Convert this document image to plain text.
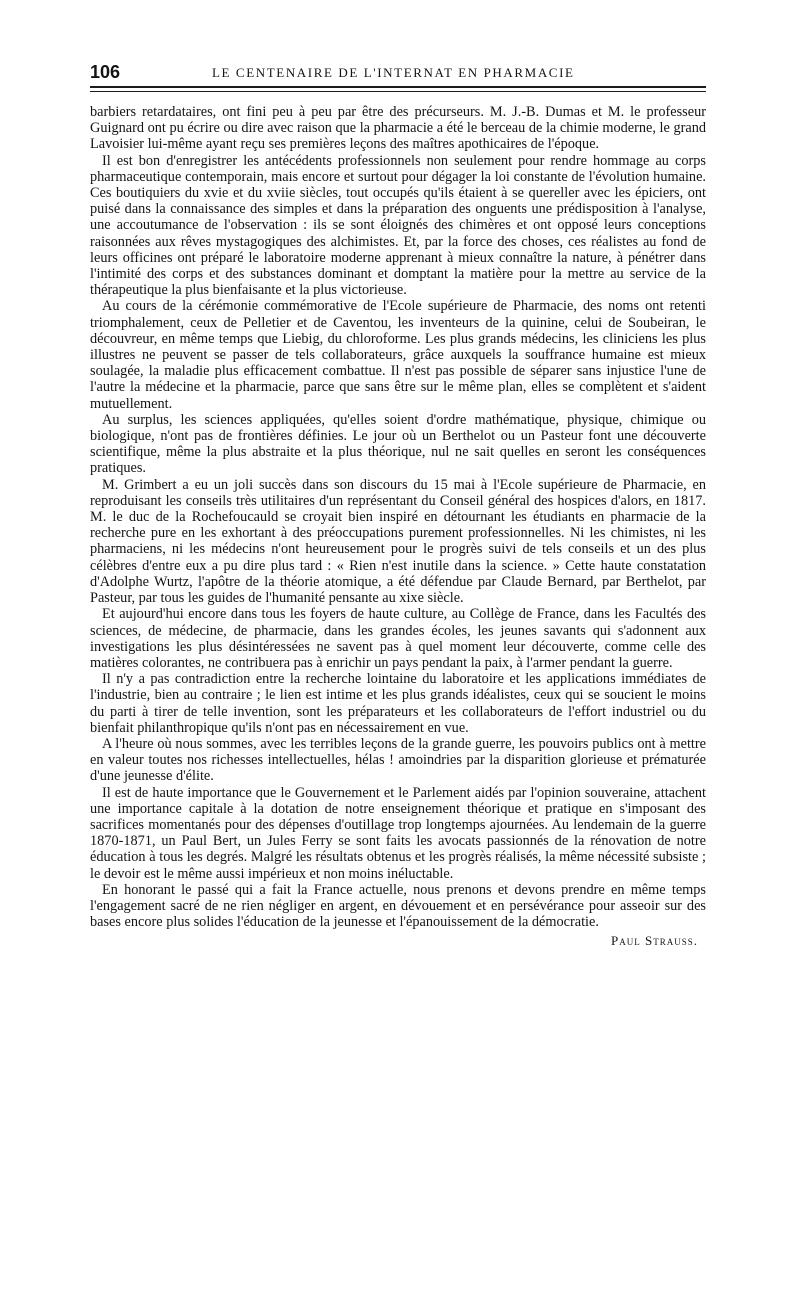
106	LE CENTENAIRE DE L'INTERNAT EN PHARMACIE

barbiers retardataires, ont fini peu à peu par être des précurseurs. M. J.-B. Dumas et M. le professeur Guignard ont pu écrire ou dire avec raison que la pharmacie a été le berceau de la chimie moderne, le grand Lavoisier lui-même ayant reçu ses premières leçons des maîtres apothicaires de l'époque.

Il est bon d'enregistrer les antécédents professionnels non seulement pour rendre hommage au corps pharmaceutique contemporain, mais encore et surtout pour dégager la loi constante de l'évolution humaine. Ces boutiquiers du xvie et du xviie siècles, tout occupés qu'ils étaient à se quereller avec les épiciers, ont puisé dans la connaissance des simples et dans la préparation des onguents une prédisposition à l'analyse, une accoutumance de l'observation : ils se sont éloignés des chimères et ont opposé leurs conceptions raisonnées aux rêves mystagogiques des alchimistes. Et, par la force des choses, ces réalistes au fond de leurs officines ont préparé le laboratoire moderne apprenant à mieux connaître la nature, à pénétrer dans l'intimité des corps et des substances dominant et domptant la matière pour la mettre au service de la thérapeutique la plus bienfaisante et la plus victorieuse.

Au cours de la cérémonie commémorative de l'Ecole supérieure de Pharmacie, des noms ont retenti triomphalement, ceux de Pelletier et de Caventou, les inventeurs de la quinine, celui de Soubeiran, le découvreur, en même temps que Liebig, du chloroforme. Les plus grands médecins, les cliniciens les plus illustres ne peuvent se passer de tels collaborateurs, grâce auxquels la souffrance humaine est mieux soulagée, la maladie plus efficacement combattue. Il n'est pas possible de séparer sans injustice l'une de l'autre la médecine et la pharmacie, parce que sans être sur le même plan, elles se complètent et s'aident mutuellement.

Au surplus, les sciences appliquées, qu'elles soient d'ordre mathématique, physique, chimique ou biologique, n'ont pas de frontières définies. Le jour où un Berthelot ou un Pasteur font une découverte scientifique, même la plus abstraite et la plus théorique, nul ne sait quelles en seront les conséquences pratiques.

M. Grimbert a eu un joli succès dans son discours du 15 mai à l'Ecole supérieure de Pharmacie, en reproduisant les conseils très utilitaires d'un représentant du Conseil général des hospices d'alors, en 1817. M. le duc de la Rochefoucauld se croyait bien inspiré en détournant les étudiants en pharmacie de la recherche pure en les exhortant à des préoccupations purement professionnelles. Ni les chimistes, ni les pharmaciens, ni les médecins n'ont heureusement pour le progrès suivi de tels conseils et un des plus célèbres d'entre eux a pu dire plus tard : « Rien n'est inutile dans la science. » Cette haute constatation d'Adolphe Wurtz, l'apôtre de la théorie atomique, a été défendue par Claude Bernard, par Berthelot, par Pasteur, par tous les guides de l'humanité pensante au xixe siècle.

Et aujourd'hui encore dans tous les foyers de haute culture, au Collège de France, dans les Facultés des sciences, de médecine, de pharmacie, dans les grandes écoles, les jeunes savants qui s'adonnent aux investigations les plus désintéressées ne savent pas à quel moment leur découverte, comme celle des matières colorantes, ne contribuera pas à enrichir un pays pendant la paix, à l'armer pendant la guerre.

Il n'y a pas contradiction entre la recherche lointaine du laboratoire et les applications immédiates de l'industrie, bien au contraire ; le lien est intime et les plus grands idéalistes, ceux qui se soucient le moins du parti à tirer de telle invention, sont les préparateurs et les collaborateurs de l'effort industriel ou du bienfait philanthropique qu'ils n'ont pas en nécessairement en vue.

A l'heure où nous sommes, avec les terribles leçons de la grande guerre, les pouvoirs publics ont à mettre en valeur toutes nos richesses intellectuelles, hélas ! amoindries par la disparition glorieuse et prématurée d'une jeunesse d'élite.

Il est de haute importance que le Gouvernement et le Parlement aidés par l'opinion souveraine, attachent une importance capitale à la dotation de notre enseignement théorique et pratique en s'imposant des sacrifices momentanés pour des dépenses d'outillage trop longtemps ajournées. Au lendemain de la guerre 1870-1871, un Paul Bert, un Jules Ferry se sont faits les avocats passionnés de la rénovation de notre éducation à tous les degrés. Malgré les résultats obtenus et les progrès réalisés, la même nécessité subsiste ; le devoir est le même aussi impérieux et non moins inéluctable.

En honorant le passé qui a fait la France actuelle, nous prenons et devons prendre en même temps l'engagement sacré de ne rien négliger en argent, en dévouement et en persévérance pour asseoir sur des bases encore plus solides l'éducation de la jeunesse et l'épanouissement de la démocratie.

Paul Strauss.
